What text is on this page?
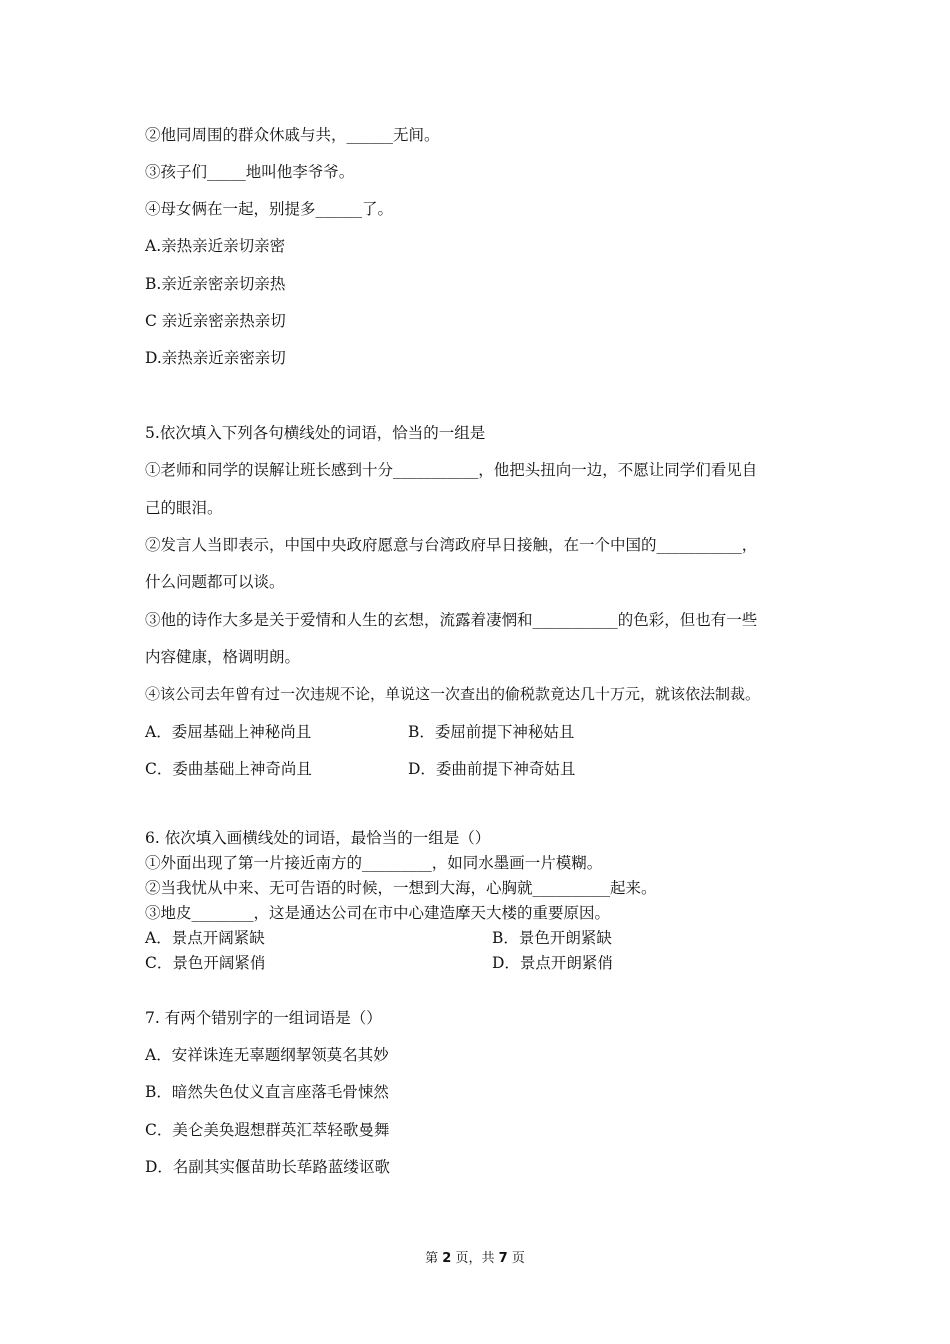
②他同周围的群众休戚与共，______无间。
③孩子们_____地叫他李爷爷。
④母女俩在一起，别提多______了。
A.亲热亲近亲切亲密
B.亲近亲密亲切亲热
C 亲近亲密亲热亲切
D.亲热亲近亲密亲切
5.依次填入下列各句横线处的词语，恰当的一组是
①老师和同学的误解让班长感到十分___________，他把头扭向一边，不愿让同学们看见自
己的眼泪。
②发言人当即表示，中国中央政府愿意与台湾政府早日接触，在一个中国的___________，
什么问题都可以谈。
③他的诗作大多是关于爱情和人生的玄想，流露着凄惘和___________的色彩，但也有一些
内容健康，格调明朗。
④该公司去年曾有过一次违规不论，单说这一次查出的偷税款竟达几十万元，就该依法制裁。
A．委屈基础上神秘尚且	B．委屈前提下神秘姑且
C．委曲基础上神奇尚且	D．委曲前提下神奇姑且
6. 依次填入画横线处的词语，最恰当的一组是（）
①外面出现了第一片接近南方的_________，如同水墨画一片模糊。
②当我忧从中来、无可告语的时候，一想到大海，心胸就__________起来。
③地皮________，这是通达公司在市中心建造摩天大楼的重要原因。
A．景点开阔紧缺	B．景色开朗紧缺
C．景色开阔紧俏	D．景点开朗紧俏
7. 有两个错别字的一组词语是（）
A．安祥诛连无辜题纲挈领莫名其妙
B．暗然失色仗义直言座落毛骨悚然
C．美仑美奂遐想群英汇萃轻歌曼舞
D．名副其实偃苗助长荜路蓝缕讴歌
第 2 页，共 7 页
